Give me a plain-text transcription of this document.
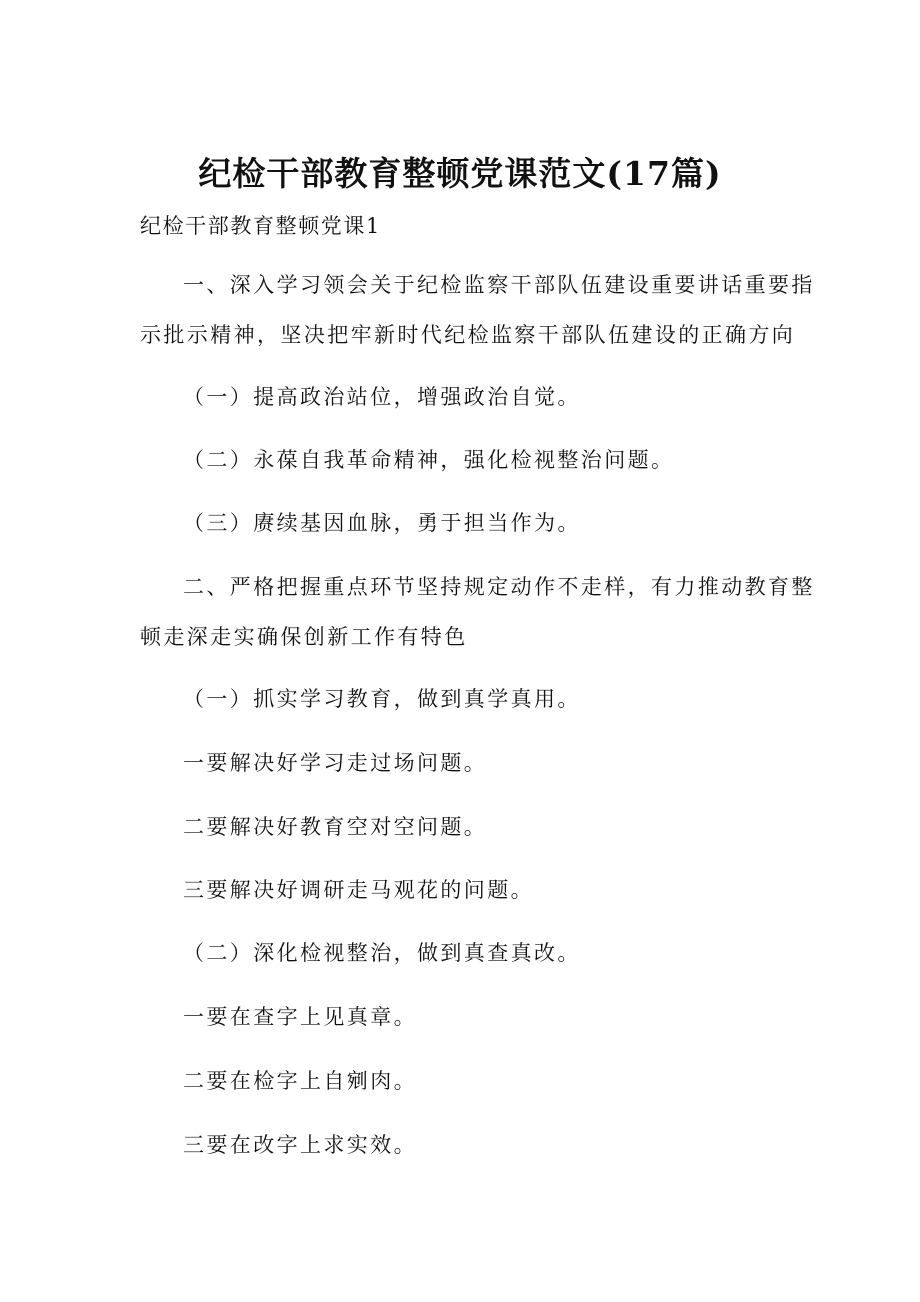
纪检干部教育整顿党课范文(17篇)
纪检干部教育整顿党课1
一、深入学习领会关于纪检监察干部队伍建设重要讲话重要指
示批示精神，坚决把牢新时代纪检监察干部队伍建设的正确方向
（一）提高政治站位，增强政治自觉。
（二）永葆自我革命精神，强化检视整治问题。
（三）赓续基因血脉，勇于担当作为。
二、严格把握重点环节坚持规定动作不走样，有力推动教育整
顿走深走实确保创新工作有特色
（一）抓实学习教育，做到真学真用。
一要解决好学习走过场问题。
二要解决好教育空对空问题。
三要解决好调研走马观花的问题。
（二）深化检视整治，做到真查真改。
一要在查字上见真章。
二要在检字上自剜肉。
三要在改字上求实效。
